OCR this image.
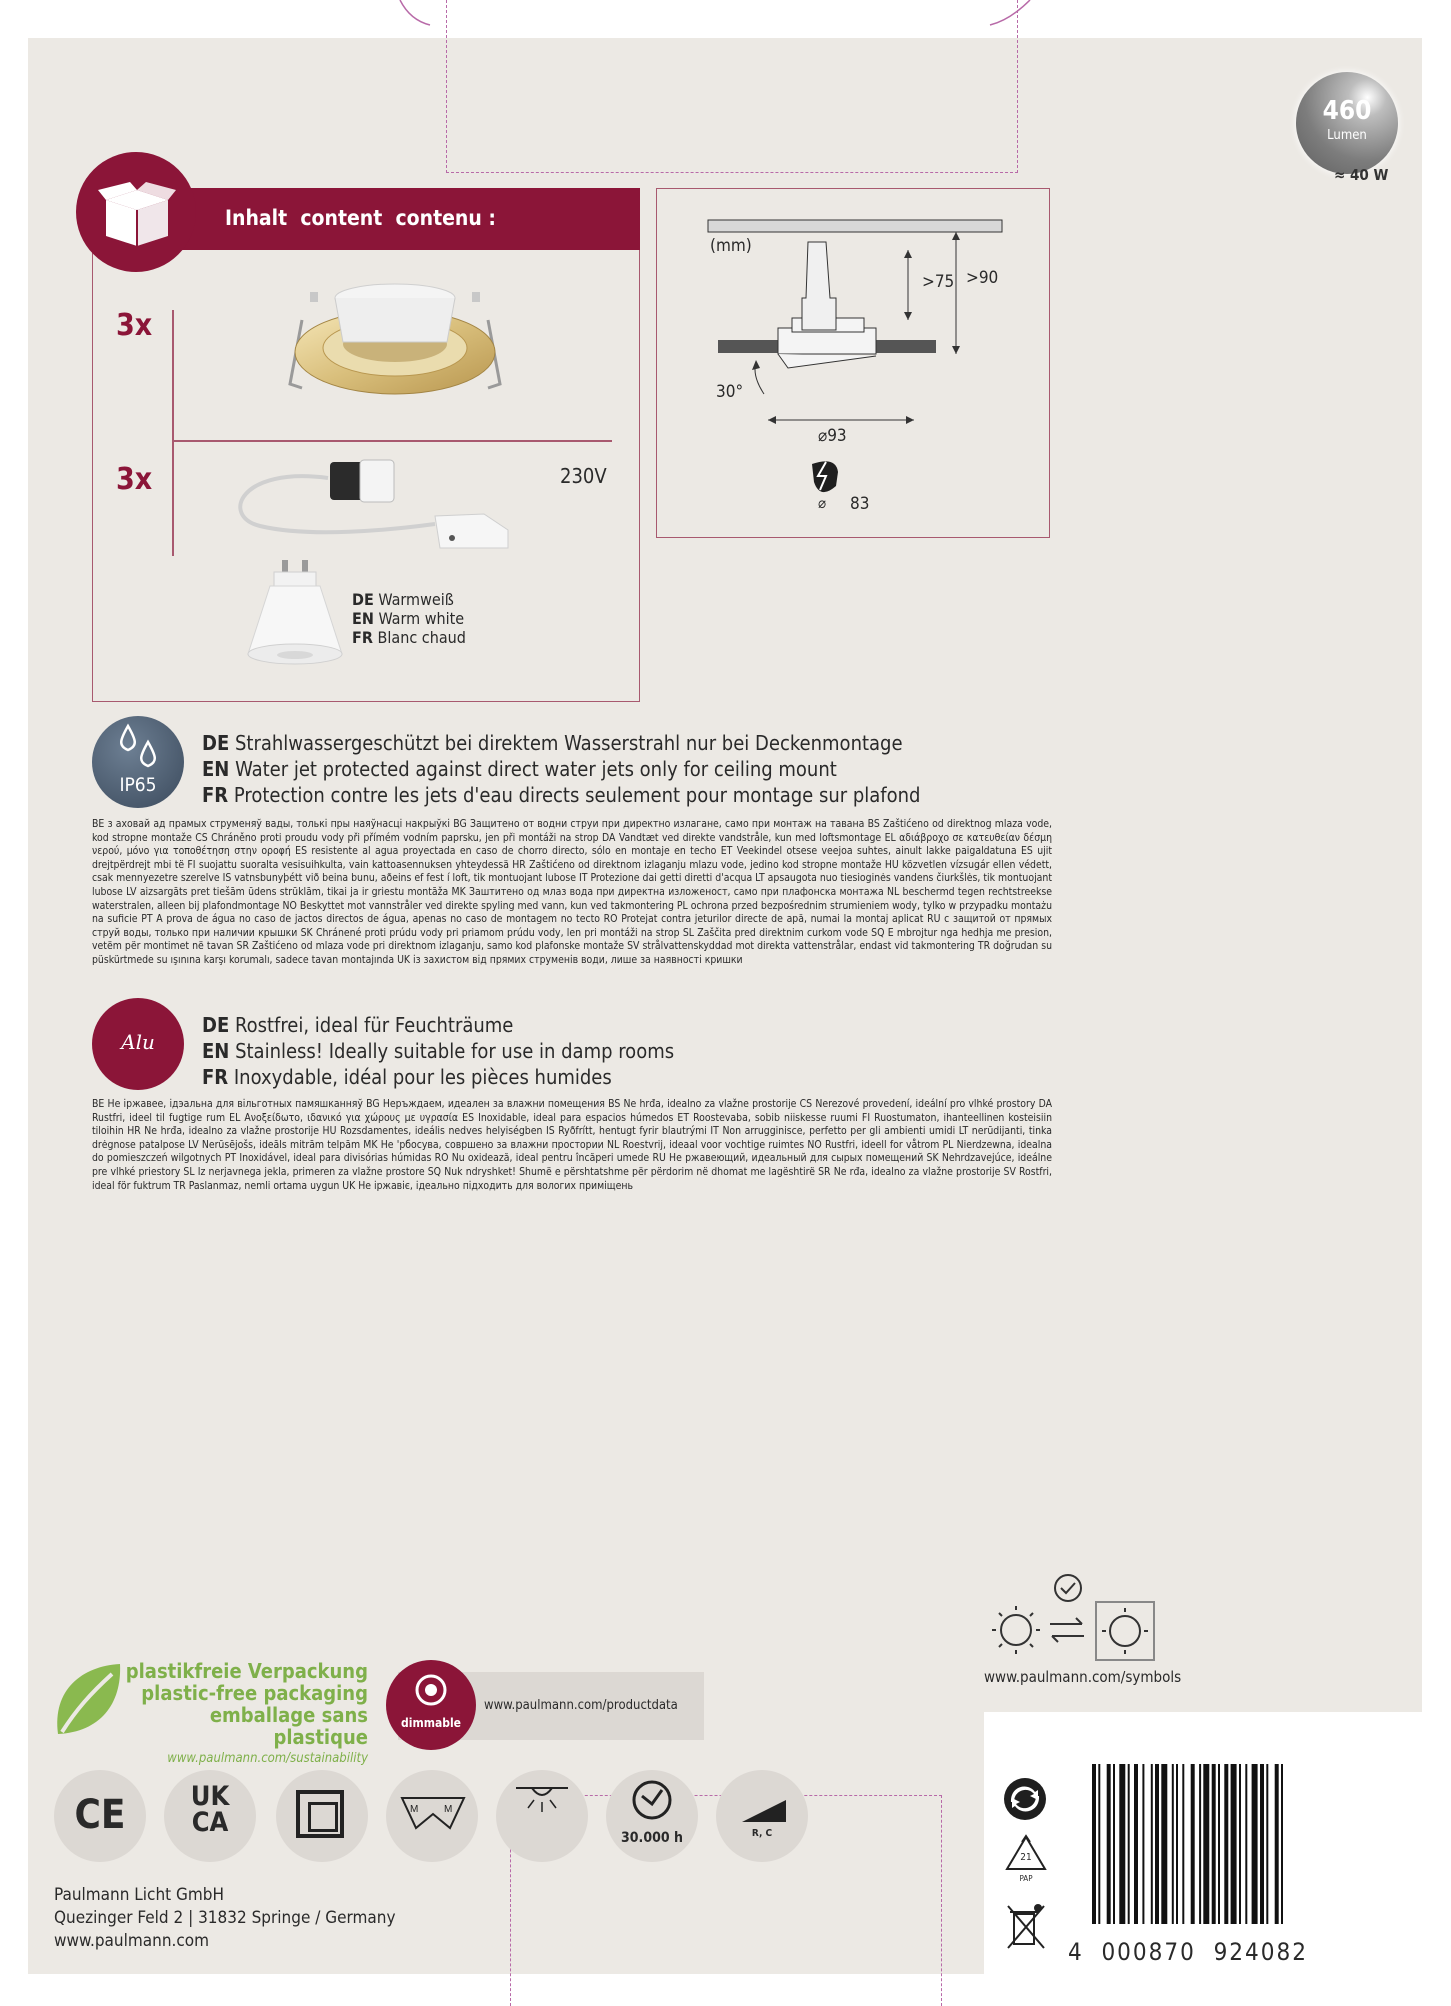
460
Lumen
≈ 40 W
Inhalt  content  contenu :
3x
3x	230V
DE Warmweiß
EN Warm white
FR Blanc chaud
(mm)
>75 >90
30°
⌀93
⌀ 83
IP65
DE Strahlwassergeschützt bei direktem Wasserstrahl nur bei Deckenmontage
EN Water jet protected against direct water jets only for ceiling mount
FR Protection contre les jets d'eau directs seulement pour montage sur plafond
BE з ахoвай ад прамых струменяў вады, толькі пры наяўнасці накрыўкі BG Защитено от водни струи при директно излагане, само при монтаж на тавана BS Zaštićeno od direktnog mlaza vode, kod stropne montaže CS Chráněno proti proudu vody při přímém vodním paprsku, jen při montáži na strop DA Vandtæt ved direkte vandstråle, kun med loftsmontage EL αδιάβροχο σε κατευθείαν δέσμη νερού, μόνο για τοποθέτηση στην οροφή ES resistente al agua proyectada en caso de chorro directo, sólo en montaje en techo ET Veekindel otsese veejoa suhtes, ainult lakke paigaldatuna ES ujit drejtpërdrejt mbi të FI suojattu suoralta vesisuihkulta, vain kattoasennuksen yhteydessä HR Zaštićeno od direktnom izlaganju mlazu vode, jedino kod stropne montaže HU közvetlen vízsugár ellen védett, csak mennyezetre szerelve IS vatnsbunуþétt við beina bunu, aðeins ef fest í loft, tik montuojant lubose IT Protezione dai getti diretti d'acqua LT apsaugota nuo tiesioginės vandens čiurkšlės, tik montuojant lubose LV aizsargāts pret tiešām ūdens strūklām, tikai ja ir griestu montāža MK Заштитено од млаз вода при директна изложеност, само при плафонска монтажа NL beschermd tegen rechtstreekse waterstralen, alleen bij plafondmontage NO Beskyttet mot vannstråler ved direkte spyling med vann, kun ved takmontering PL ochrona przed bezpośrednim strumieniem wody, tylko w przypadku montażu na suficie PT A prova de água no caso de jactos directos de água, apenas no caso de montagem no tecto RO Protejat contra jeturilor directe de apă, numai la montaj aplicat RU с защитой от прямых струй воды, только при наличии крышки SK Chránené proti prúdu vody pri priamom prúdu vody, len pri montáži na strop SL Zaščita pred direktnim curkom vode SQ E mbrojtur nga hedhja me presion, vetëm për montimet në tavan SR Zaštićeno od mlaza vode pri direktnom izlaganju, samo kod plafonske montaže SV strålvattenskyddad mot direkta vattenstrålar, endast vid takmontering TR doğrudan su püskürtmede su ışınına karşı korumalı, sadece tavan montajında UK із захистом від прямих струменів води, лише за наявності кришки
Alu
DE Rostfrei, ideal für Feuchträume
EN Stainless! Ideally suitable for use in damp rooms
FR Inoxydable, idéal pour les pièces humides
BE Не іржавее, ідэальна для вільготных памяшканняў BG Неръждаем, идеален за влажни помещения BS Ne hrđa, idealno za vlažne prostorije CS Nerezové provedení, ideální pro vlhké prostory DA Rustfri, ideel til fugtige rum EL Ανοξείδωτο, ιδανικό για χώρους με υγρασία ES Inoxidable, ideal para espacios húmedos ET Roostevaba, sobib niiskesse ruumi FI Ruostumaton, ihanteellinen kosteisiin tiloihin HR Ne hrđa, idealno za vlažne prostorije HU Rozsdamentes, ideális nedves helyiségben IS Ryðfrítt, hentugt fyrir blautrými IT Non arrugginisce, perfetto per gli ambienti umidi LT nerūdijanti, tinka drėgnose patalpose LV Nerūsējošs, ideāls mitrām telpām MK Не 'рбосува, совршено за влажни простории NL Roestvrij, ideaal voor vochtige ruimtes NO Rustfri, ideell for våtrom PL Nierdzewna, idealna do pomieszczeń wilgotnych PT Inoxidável, ideal para divisórias húmidas RO Nu oxidează, ideal pentru încăperi umede RU Не ржавеющий, идеальный для сырых помещений SK Nehrdzavejúce, ideálne pre vlhké priestory SL Iz nerjavnega jekla, primeren za vlažne prostore SQ Nuk ndryshket! Shumë e përshtatshme për përdorim në dhomat me lagështirë SR Ne rđa, idealno za vlažne prostorije SV Rostfri, ideal för fuktrum TR Paslanmaz, nemli ortama uygun UK Не іржавіє, ідеально підходить для вологих приміщень
www.paulmann.com/symbols
plastikfreie Verpackung
plastic-free packaging
emballage sans plastique
www.paulmann.com/sustainability
dimmable
www.paulmann.com/productdata
CE	UK
CA	M	M
30.000 h	R, C
21
PAP
4  000870  924082
Paulmann Licht GmbH
Quezinger Feld 2 | 31832 Springe / Germany
www.paulmann.com
